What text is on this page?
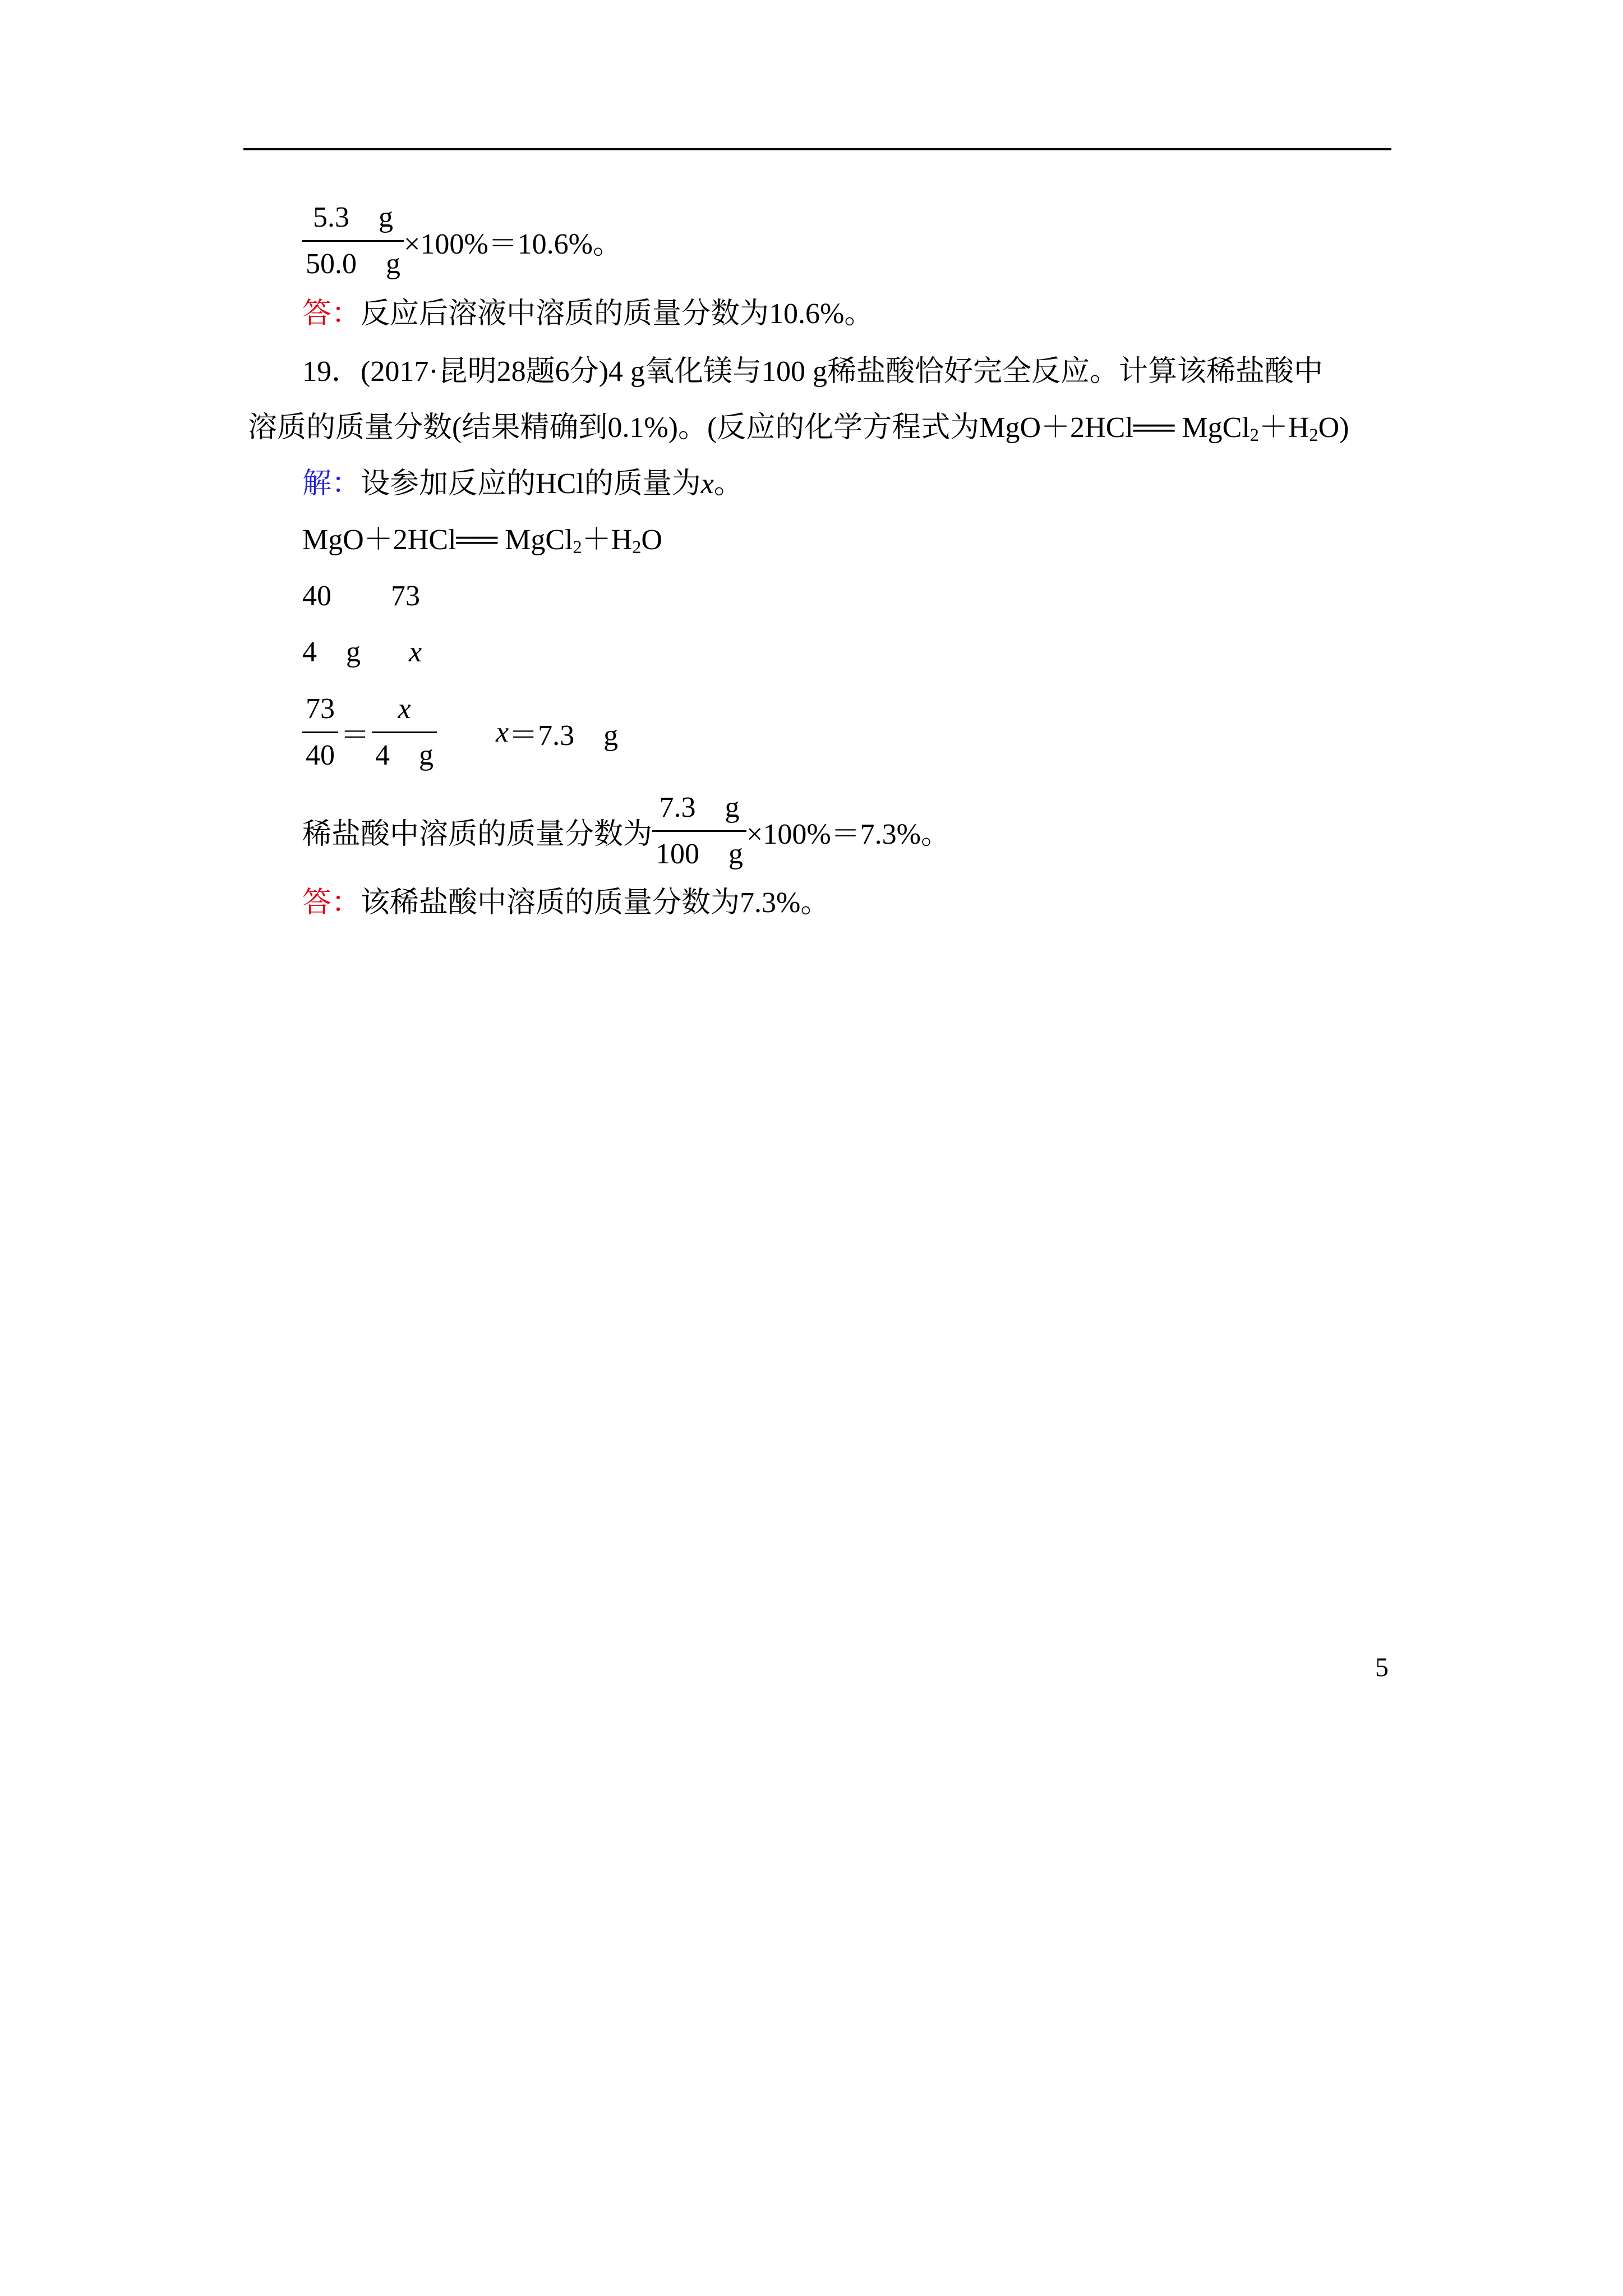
$\frac{5.3 g}{50.0 g} \times 100\%=10.6\%$。
答：反应后溶液中溶质的质量分数为10.6%。
19．(2017·昆明28题6分)4 g氧化镁与100 g稀盐酸恰好完全反应。计算该稀盐酸中
溶质的质量分数(结果精确到0.1%)。(反应的化学方程式为MgO＋2HCl══ $MgCl_2+H_2O$)
解：设参加反应的HCl的质量为x。
MgO＋2HCl══ $MgCl_2+H_2O$
40 73
4　g x
$\frac{73}{40} = \frac{x}{4 g}$ x ＝7.3　g
稀盐酸中溶质的质量分数为 $\frac{7.3 g}{100 g} \times 100\%=7.3\%$。
答：该稀盐酸中溶质的质量分数为7.3%。
5
